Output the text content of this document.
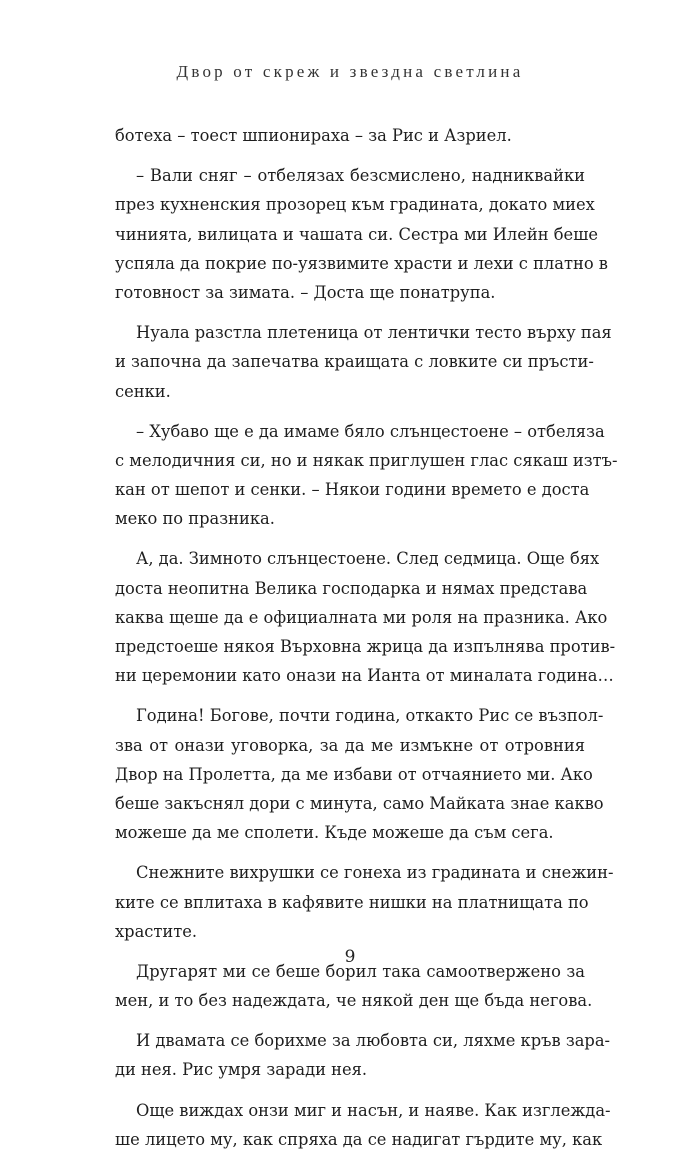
Двор от скреж и звездна светлина
ботеха – тоест шпионираха – за Рис и Азриел.
– Вали сняг – отбелязах безсмислено, надниквайки
през кухненския прозорец към градината, докато миех
чинията, вилицата и чашата си. Сестра ми Илейн беше
успяла да покрие по-уязвимите храсти и лехи с платно в
готовност за зимата. – Доста ще понатрупа.
Нуала разстла плетеница от лентички тесто върху пая
и започна да запечатва краищата с ловките си пръсти-
сенки.
– Хубаво ще е да имаме бяло слънцестоене – отбеляза
с мелодичния си, но и някак приглушен глас сякаш изтъ-
кан от шепот и сенки. – Някои години времето е доста
меко по празника.
А, да. Зимното слънцестоене. След седмица. Още бях
доста неопитна Велика господарка и нямах представа
каква щеше да е официалната ми роля на празника. Ако
предстоеше някоя Върховна жрица да изпълнява против-
ни церемонии като онази на Ианта от миналата година…
Година! Богове, почти година, откакто Рис се възпол-
зва от онази уговорка, за да ме измъкне от отровния
Двор на Пролетта, да ме избави от отчаянието ми. Ако
беше закъснял дори с минута, само Майката знае какво
можеше да ме сполети. Къде можеше да съм сега.
Снежните вихрушки се гонеха из градината и снежин-
ките се вплитаха в кафявите нишки на платнищата по
храстите.
Другарят ми се беше борил така самоотвержено за
мен, и то без надеждата, че някой ден ще бъда негова.
И двамата се борихме за любовта си, ляхме кръв зара-
ди нея. Рис умря заради нея.
Още виждах онзи миг и насън, и наяве. Как изглежда-
ше лицето му, как спряха да се надигат гърдите му, как
9
